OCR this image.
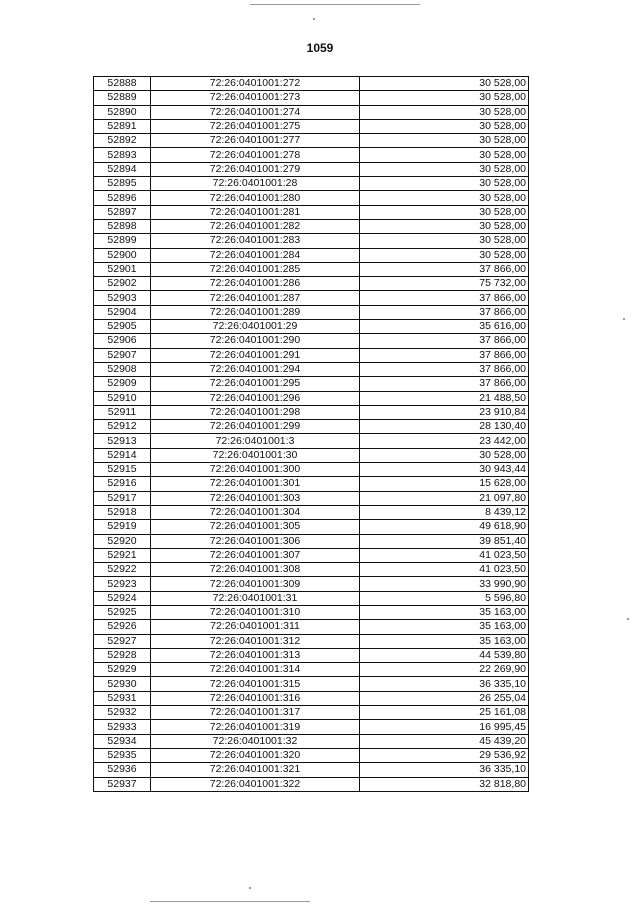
1059
52888	72:26:0401001:272	30 528,00
52889	72:26:0401001:273	30 528,00
52890	72:26:0401001:274	30 528,00
52891	72:26:0401001:275	30 528,00
52892	72:26:0401001:277	30 528,00
52893	72:26:0401001:278	30 528,00
52894	72:26:0401001:279	30 528,00
52895	72:26:0401001:28	30 528,00
52896	72:26:0401001:280	30 528,00
52897	72:26:0401001:281	30 528,00
52898	72:26:0401001:282	30 528,00
52899	72:26:0401001:283	30 528,00
52900	72:26:0401001:284	30 528,00
52901	72:26:0401001:285	37 866,00
52902	72:26:0401001:286	75 732,00
52903	72:26:0401001:287	37 866,00
52904	72:26:0401001:289	37 866,00
52905	72:26:0401001:29	35 616,00
52906	72:26:0401001:290	37 866,00
52907	72:26:0401001:291	37 866,00
52908	72:26:0401001:294	37 866,00
52909	72:26:0401001:295	37 866,00
52910	72:26:0401001:296	21 488,50
52911	72:26:0401001:298	23 910,84
52912	72:26:0401001:299	28 130,40
52913	72:26:0401001:3	23 442,00
52914	72:26:0401001:30	30 528,00
52915	72:26:0401001:300	30 943,44
52916	72:26:0401001:301	15 628,00
52917	72:26:0401001:303	21 097,80
52918	72:26:0401001:304	8 439,12
52919	72:26:0401001:305	49 618,90
52920	72:26:0401001:306	39 851,40
52921	72:26:0401001:307	41 023,50
52922	72:26:0401001:308	41 023,50
52923	72:26:0401001:309	33 990,90
52924	72:26:0401001:31	5 596,80
52925	72:26:0401001:310	35 163,00
52926	72:26:0401001:311	35 163,00
52927	72:26:0401001:312	35 163,00
52928	72:26:0401001:313	44 539,80
52929	72:26:0401001:314	22 269,90
52930	72:26:0401001:315	36 335,10
52931	72:26:0401001:316	26 255,04
52932	72:26:0401001:317	25 161,08
52933	72:26:0401001:319	16 995,45
52934	72:26:0401001:32	45 439,20
52935	72:26:0401001:320	29 536,92
52936	72:26:0401001:321	36 335,10
52937	72:26:0401001:322	32 818,80
